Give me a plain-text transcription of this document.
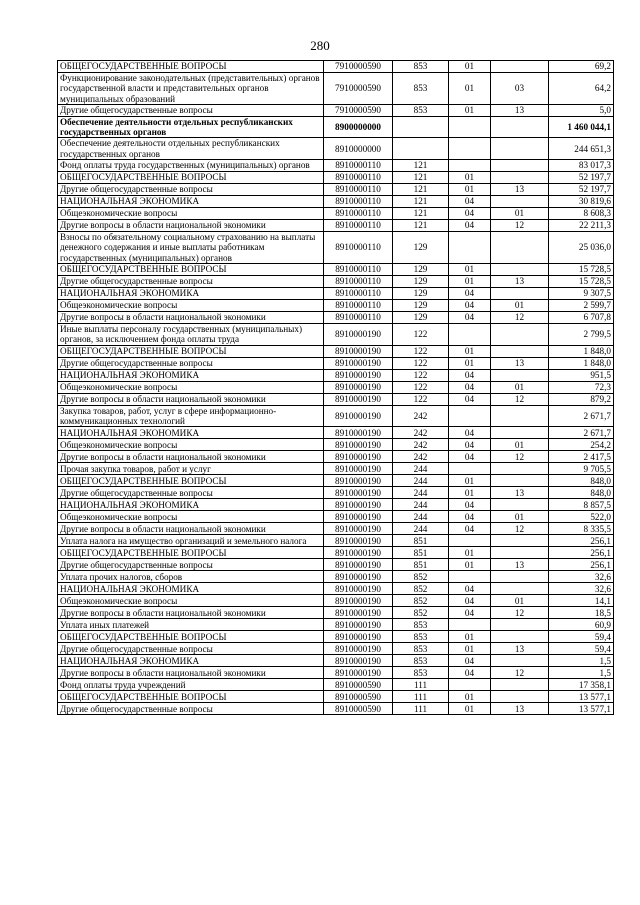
280
ОБЩЕГОСУДАРСТВЕННЫЕ ВОПРОСЫ	7910000590	853	01		69,2
Функционирование законодательных (представительных) органов государственной власти и представительных органов муниципальных образований	7910000590	853	01	03	64,2
Другие общегосударственные вопросы	7910000590	853	01	13	5,0
Обеспечение деятельности отдельных республиканских государственных органов	8900000000				1 460 044,1
Обеспечение деятельности отдельных республиканских государственных органов	8910000000				244 651,3
Фонд оплаты труда государственных (муниципальных) органов	8910000110	121			83 017,3
ОБЩЕГОСУДАРСТВЕННЫЕ ВОПРОСЫ	8910000110	121	01		52 197,7
Другие общегосударственные вопросы	8910000110	121	01	13	52 197,7
НАЦИОНАЛЬНАЯ ЭКОНОМИКА	8910000110	121	04		30 819,6
Общеэкономические вопросы	8910000110	121	04	01	8 608,3
Другие вопросы в области национальной экономики	8910000110	121	04	12	22 211,3
Взносы по обязательному социальному страхованию на выплаты денежного содержания и иные выплаты работникам государственных (муниципальных) органов	8910000110	129			25 036,0
ОБЩЕГОСУДАРСТВЕННЫЕ ВОПРОСЫ	8910000110	129	01		15 728,5
Другие общегосударственные вопросы	8910000110	129	01	13	15 728,5
НАЦИОНАЛЬНАЯ ЭКОНОМИКА	8910000110	129	04		9 307,5
Общеэкономические вопросы	8910000110	129	04	01	2 599,7
Другие вопросы в области национальной экономики	8910000110	129	04	12	6 707,8
Иные выплаты персоналу государственных (муниципальных) органов, за исключением фонда оплаты труда	8910000190	122			2 799,5
ОБЩЕГОСУДАРСТВЕННЫЕ ВОПРОСЫ	8910000190	122	01		1 848,0
Другие общегосударственные вопросы	8910000190	122	01	13	1 848,0
НАЦИОНАЛЬНАЯ ЭКОНОМИКА	8910000190	122	04		951,5
Общеэкономические вопросы	8910000190	122	04	01	72,3
Другие вопросы в области национальной экономики	8910000190	122	04	12	879,2
Закупка товаров, работ, услуг в сфере информационно-коммуникационных технологий	8910000190	242			2 671,7
НАЦИОНАЛЬНАЯ ЭКОНОМИКА	8910000190	242	04		2 671,7
Общеэкономические вопросы	8910000190	242	04	01	254,2
Другие вопросы в области национальной экономики	8910000190	242	04	12	2 417,5
Прочая закупка товаров, работ и услуг	8910000190	244			9 705,5
ОБЩЕГОСУДАРСТВЕННЫЕ ВОПРОСЫ	8910000190	244	01		848,0
Другие общегосударственные вопросы	8910000190	244	01	13	848,0
НАЦИОНАЛЬНАЯ ЭКОНОМИКА	8910000190	244	04		8 857,5
Общеэкономические вопросы	8910000190	244	04	01	522,0
Другие вопросы в области национальной экономики	8910000190	244	04	12	8 335,5
Уплата налога на имущество организаций и земельного налога	8910000190	851			256,1
ОБЩЕГОСУДАРСТВЕННЫЕ ВОПРОСЫ	8910000190	851	01		256,1
Другие общегосударственные вопросы	8910000190	851	01	13	256,1
Уплата прочих налогов, сборов	8910000190	852			32,6
НАЦИОНАЛЬНАЯ ЭКОНОМИКА	8910000190	852	04		32,6
Общеэкономические вопросы	8910000190	852	04	01	14,1
Другие вопросы в области национальной экономики	8910000190	852	04	12	18,5
Уплата иных платежей	8910000190	853			60,9
ОБЩЕГОСУДАРСТВЕННЫЕ ВОПРОСЫ	8910000190	853	01		59,4
Другие общегосударственные вопросы	8910000190	853	01	13	59,4
НАЦИОНАЛЬНАЯ ЭКОНОМИКА	8910000190	853	04		1,5
Другие вопросы в области национальной экономики	8910000190	853	04	12	1,5
Фонд оплаты труда учреждений	8910000590	111			17 358,1
ОБЩЕГОСУДАРСТВЕННЫЕ ВОПРОСЫ	8910000590	111	01		13 577,1
Другие общегосударственные вопросы	8910000590	111	01	13	13 577,1
